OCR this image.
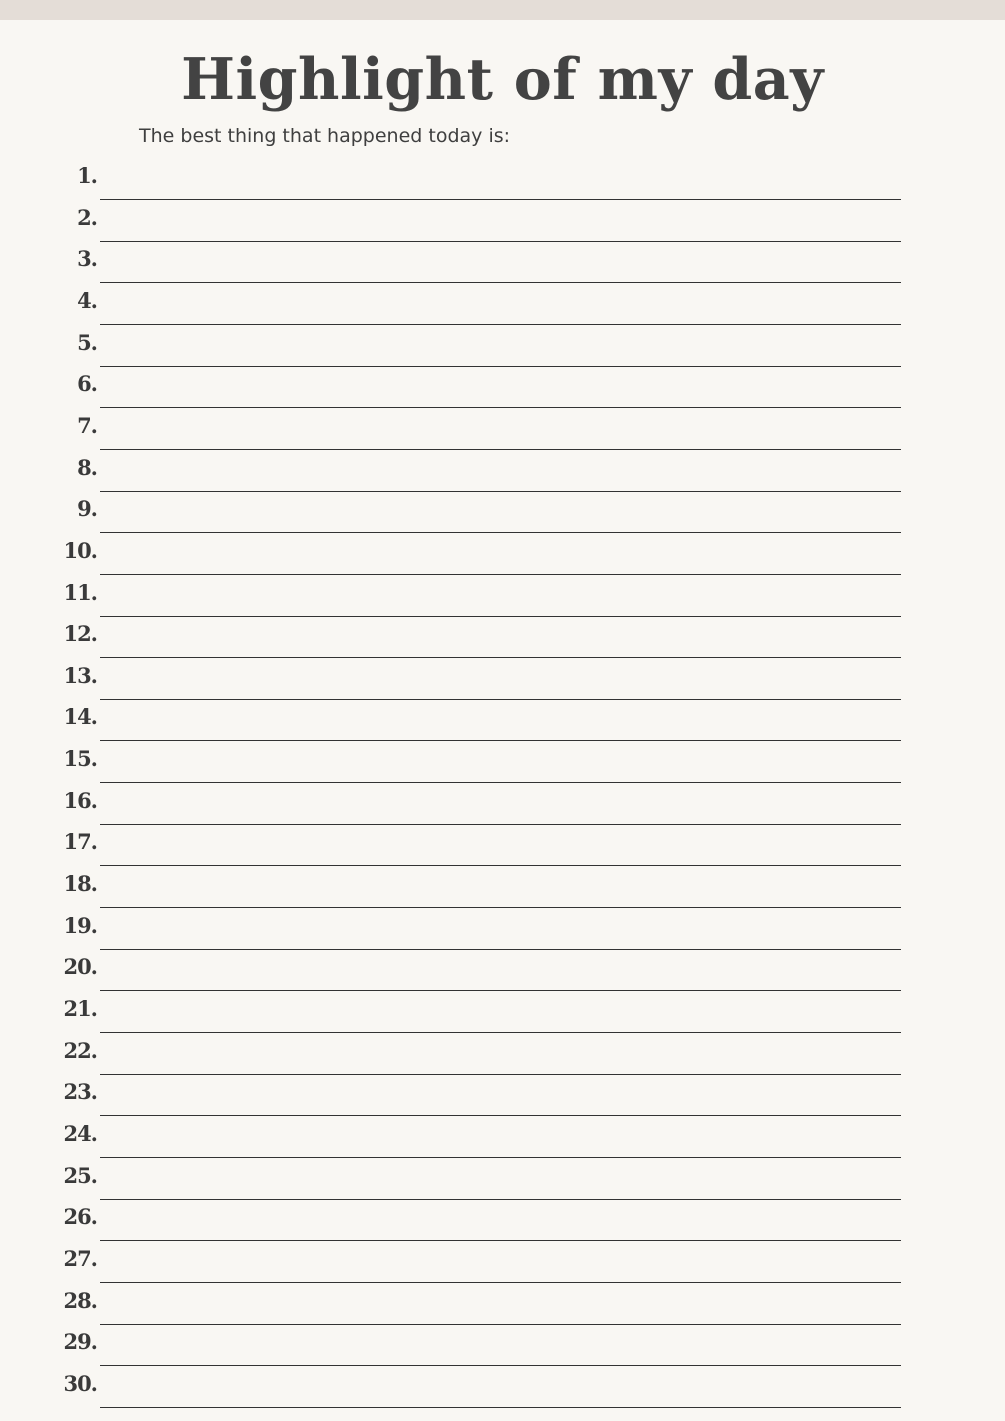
Highlight of my day

The best thing that happened today is:

1.
2.
3.
4.
5.
6.
7.
8.
9.
10.
11.
12.
13.
14.
15.
16.
17.
18.
19.
20.
21.
22.
23.
24.
25.
26.
27.
28.
29.
30.
